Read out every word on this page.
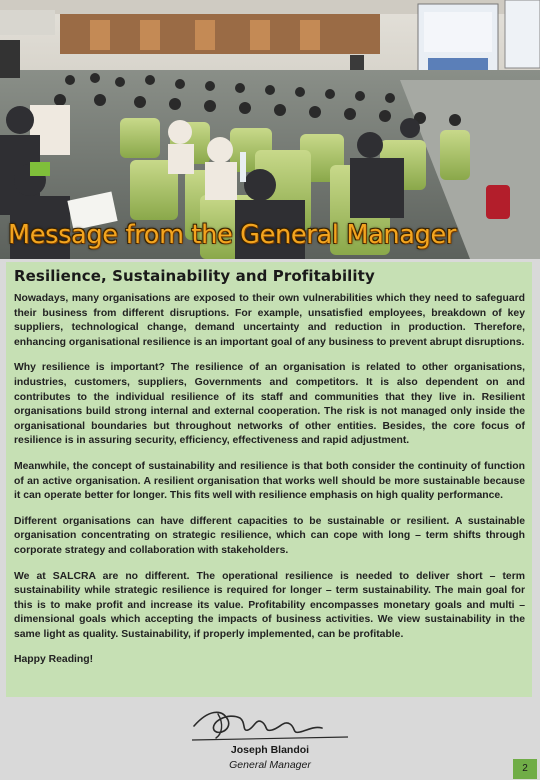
Message from the General Manager
Resilience, Sustainability and Profitability

Nowadays, many organisations are exposed to their own vulnerabilities which they need to safeguard their business from different disruptions. For example, unsatisfied employees, breakdown of key suppliers, technological change, demand uncertainty and reduction in production. Therefore, enhancing organisational resilience is an important goal of any business to prevent abrupt disruptions.

Why resilience is important? The resilience of an organisation is related to other organisations, industries, customers, suppliers, Governments and competitors. It is also dependent on and contributes to the individual resilience of its staff and communities that they live in. Resilient organisations build strong internal and external cooperation. The risk is not managed only inside the organisational boundaries but throughout networks of other entities. Besides, the core focus of resilience is in assuring security, efficiency, effectiveness and rapid adjustment.

Meanwhile, the concept of sustainability and resilience is that both consider the continuity of function of an active organisation. A resilient organisation that works well should be more sustainable because it can operate better for longer. This fits well with resilience emphasis on high quality performance.

Different organisations can have different capacities to be sustainable or resilient. A sustainable organisation concentrating on strategic resilience, which can cope with long – term shifts through corporate strategy and collaboration with stakeholders.

We at SALCRA are no different. The operational resilience is needed to deliver short – term sustainability while strategic resilience is required for longer – term sustainability. The main goal for this is to make profit and increase its value. Profitability encompasses monetary goals and multi – dimensional goals which accepting the impacts of business activities. We view sustainability in the same light as quality. Sustainability, if properly implemented, can be profitable.

Happy Reading!

Joseph Blandoi
General Manager	2
